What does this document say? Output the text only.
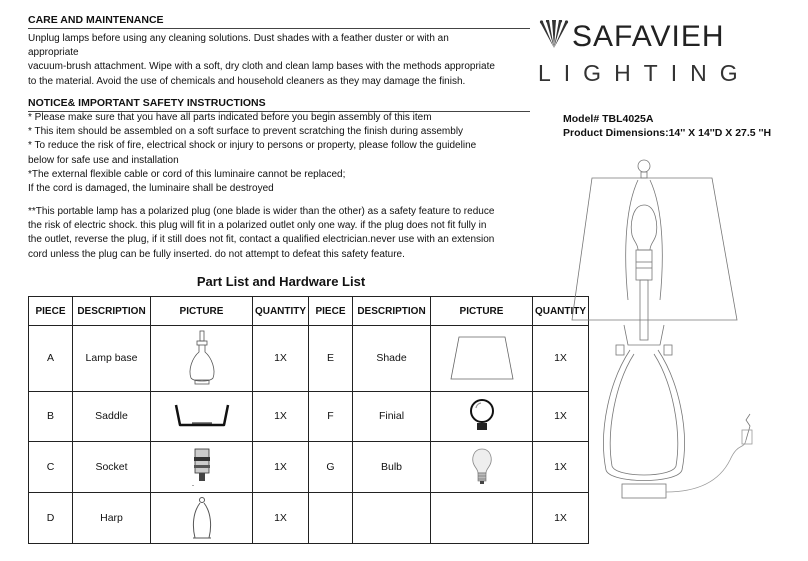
CARE AND MAINTENANCE
Unplug lamps before using any cleaning solutions. Dust shades with a feather duster or with an
appropriate
vacuum-brush attachment. Wipe with a soft, dry cloth and clean lamp bases with the methods appropriate
to the material. Avoid the use of chemicals and household cleaners as they may damage the finish.
NOTICE& IMPORTANT SAFETY INSTRUCTIONS
* Please make sure that you have all parts indicated before you begin assembly of this item
* This item should be assembled on a soft surface to prevent scratching the finish during assembly
* To reduce the risk of fire, electrical shock or injury to persons or property, please follow the guideline
below for safe use and installation
*The external flexible cable or cord of this luminaire cannot be replaced;
If the cord is damaged, the luminaire shall be destroyed
**This portable lamp has a polarized plug (one blade is wider than the other) as a safety feature to reduce
the risk of electric shock. this plug will fit in a polarized outlet only one way. if the plug does not fit fully in
the outlet, reverse the plug, if it still does not fit, contact a qualified electrician.never use with an extension
cord unless the plug can be fully inserted. do not attempt to defeat this safety feature.
Part List and Hardware List
PIECE	DESCRIPTION	PICTURE	QUANTITY	PIECE	DESCRIPTION	PICTURE	QUANTITY
A	Lamp base		1X	E	Shade		1X
B	Saddle		1X	F	Finial		1X
C	Socket		1X	G	Bulb		1X
D	Harp		1X				1X
SAFAVIEH
LIGHTING
Model# TBL4025A
Product Dimensions:14'' X 14''D X 27.5 ''H
